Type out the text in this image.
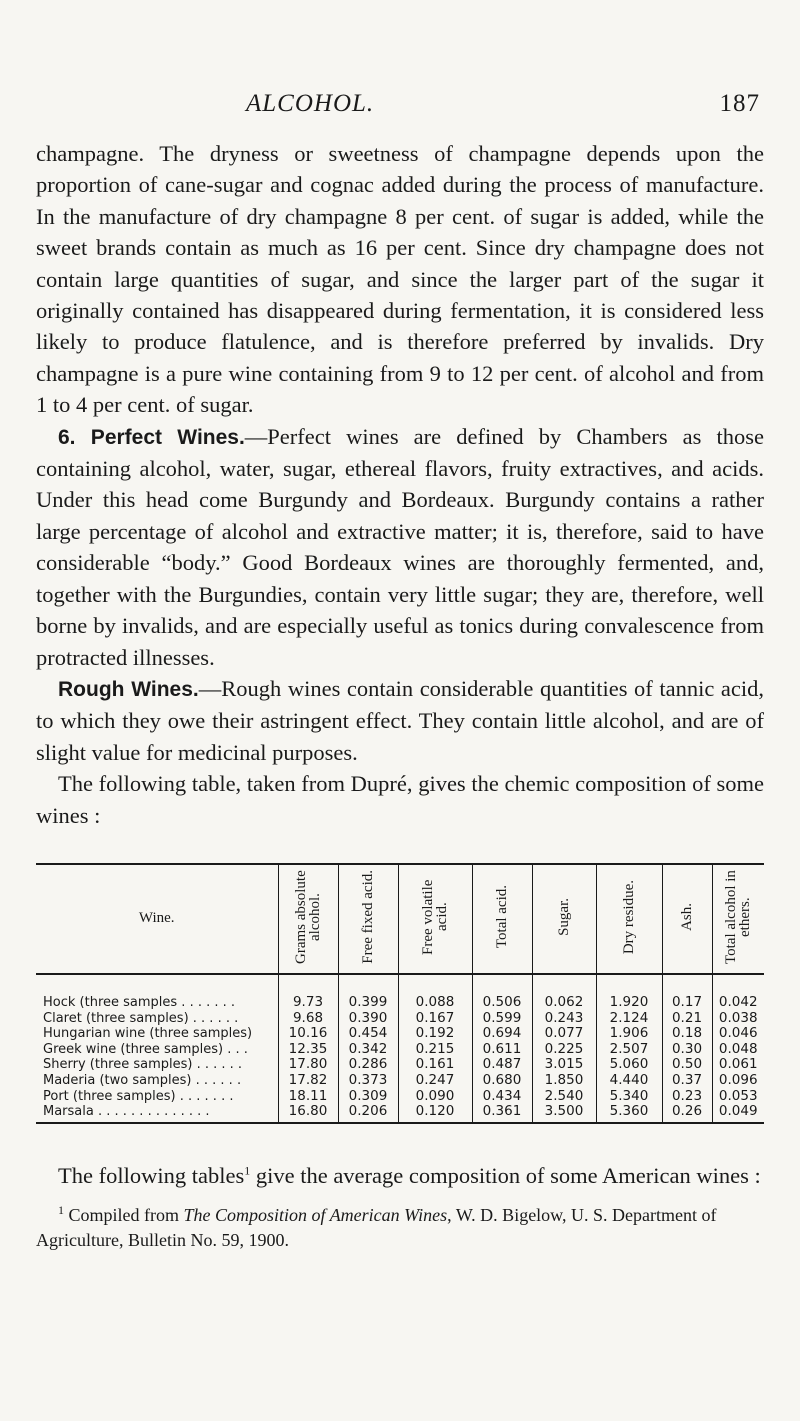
ALCOHOL.	187

champagne. The dryness or sweetness of champagne depends upon the proportion of cane-sugar and cognac added during the process of manufacture. In the manufacture of dry champagne 8 per cent. of sugar is added, while the sweet brands contain as much as 16 per cent. Since dry champagne does not contain large quantities of sugar, and since the larger part of the sugar it originally contained has disappeared during fermentation, it is considered less likely to produce flatulence, and is therefore preferred by invalids. Dry champagne is a pure wine containing from 9 to 12 per cent. of alcohol and from 1 to 4 per cent. of sugar.

6. Perfect Wines.—Perfect wines are defined by Chambers as those containing alcohol, water, sugar, ethereal flavors, fruity extractives, and acids. Under this head come Burgundy and Bordeaux. Burgundy contains a rather large percentage of alcohol and extractive matter; it is, therefore, said to have considerable “body.” Good Bordeaux wines are thoroughly fermented, and, together with the Burgundies, contain very little sugar; they are, therefore, well borne by invalids, and are especially useful as tonics during convalescence from protracted illnesses.

Rough Wines.—Rough wines contain considerable quantities of tannic acid, to which they owe their astringent effect. They contain little alcohol, and are of slight value for medicinal purposes.

The following table, taken from Dupré, gives the chemic composition of some wines :

Wine.	Grams absolute alcohol.	Free fixed acid.	Free volatile acid.	Total acid.	Sugar.	Dry residue.	Ash.	Total alcohol in ethers.
Hock (three samples . . . . . . .	9.73	0.399	0.088	0.506	0.062	1.920	0.17	0.042
Claret (three samples) . . . . . .	9.68	0.390	0.167	0.599	0.243	2.124	0.21	0.038
Hungarian wine (three samples)	10.16	0.454	0.192	0.694	0.077	1.906	0.18	0.046
Greek wine (three samples) . . .	12.35	0.342	0.215	0.611	0.225	2.507	0.30	0.048
Sherry (three samples) . . . . . .	17.80	0.286	0.161	0.487	3.015	5.060	0.50	0.061
Maderia (two samples) . . . . . .	17.82	0.373	0.247	0.680	1.850	4.440	0.37	0.096
Port (three samples) . . . . . . .	18.11	0.309	0.090	0.434	2.540	5.340	0.23	0.053
Marsala . . . . . . . . . . . . . .	16.80	0.206	0.120	0.361	3.500	5.360	0.26	0.049

The following tables$^1$ give the average composition of some American wines :

$^1$ Compiled from The Composition of American Wines, W. D. Bigelow, U. S. Department of Agriculture, Bulletin No. 59, 1900.
